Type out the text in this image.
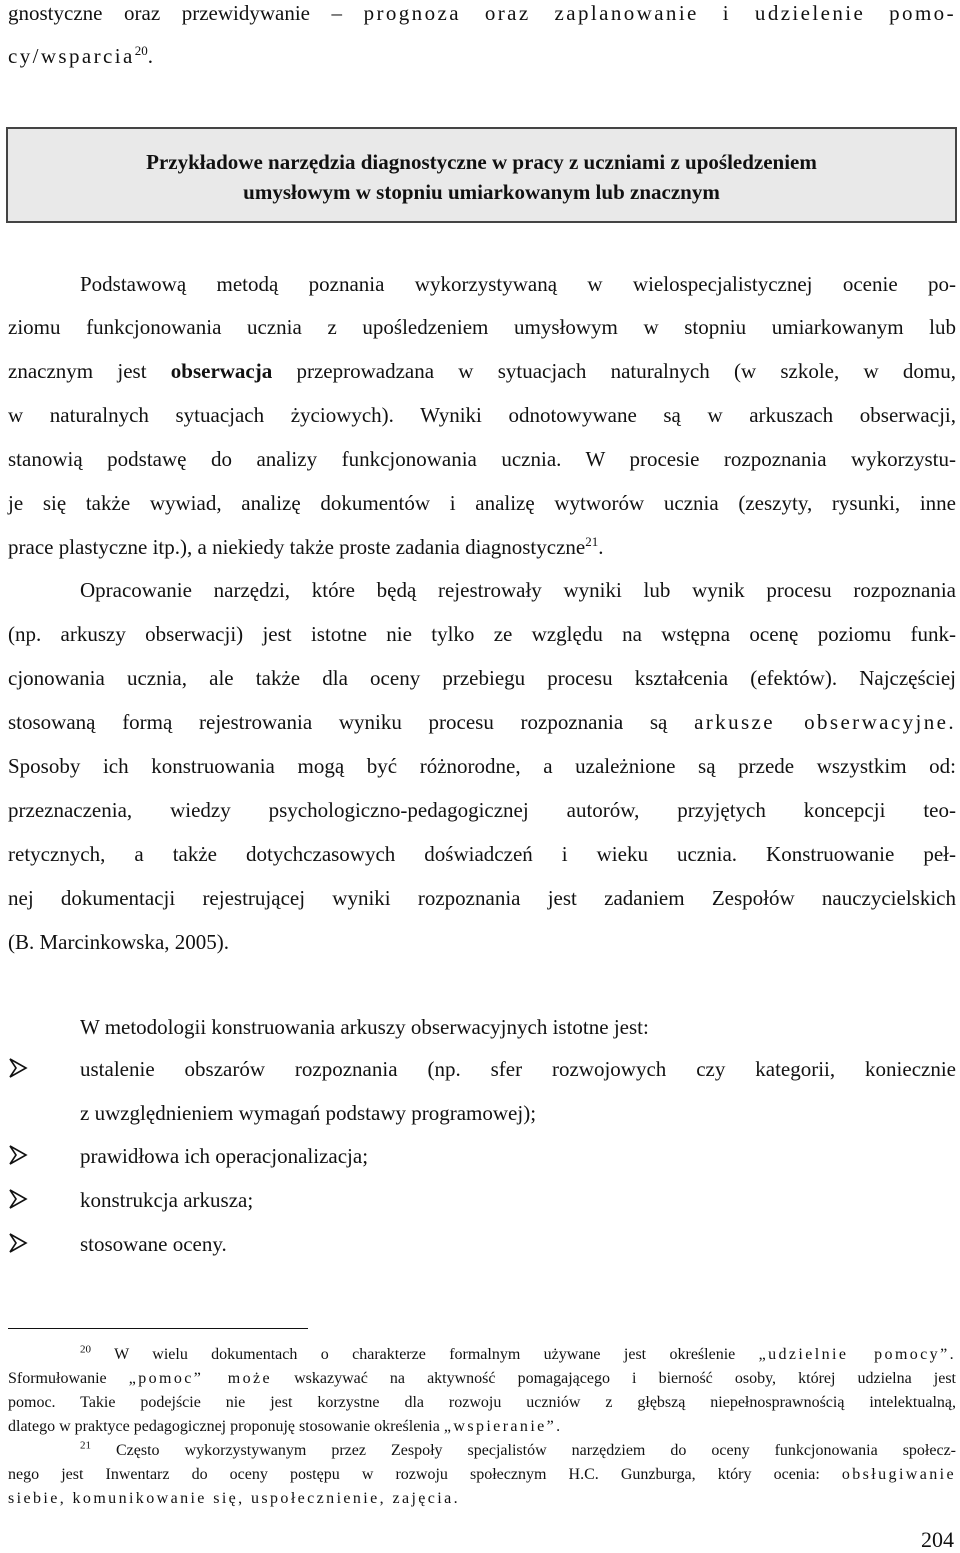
gnostyczne oraz przewidywanie – prognoza oraz zaplanowanie i udzielenie pomo-
cy/wsparcia$^{20}$.
Przykładowe narzędzia diagnostyczne w pracy z uczniami z upośledzeniem
umysłowym w stopniu umiarkowanym lub znacznym
Podstawową metodą poznania wykorzystywaną w wielospecjalistycznej ocenie po-
ziomu funkcjonowania ucznia z upośledzeniem umysłowym w stopniu umiarkowanym lub
znacznym jest obserwacja przeprowadzana w sytuacjach naturalnych (w szkole, w domu,
w naturalnych sytuacjach życiowych). Wyniki odnotowywane są w arkuszach obserwacji,
stanowią podstawę do analizy funkcjonowania ucznia. W procesie rozpoznania wykorzystu-
je się także wywiad, analizę dokumentów i analizę wytworów ucznia (zeszyty, rysunki, inne
prace plastyczne itp.), a niekiedy także proste zadania diagnostyczne$^{21}$.
Opracowanie narzędzi, które będą rejestrowały wyniki lub wynik procesu rozpoznania
(np. arkuszy obserwacji) jest istotne nie tylko ze względu na wstępna ocenę poziomu funk-
cjonowania ucznia, ale także dla oceny przebiegu procesu kształcenia (efektów). Najczęściej
stosowaną formą rejestrowania wyniku procesu rozpoznania są arkusze obserwacyjne.
Sposoby ich konstruowania mogą być różnorodne, a uzależnione są przede wszystkim od:
przeznaczenia, wiedzy psychologiczno-pedagogicznej autorów, przyjętych koncepcji teo-
retycznych, a także dotychczasowych doświadczeń i wieku ucznia. Konstruowanie peł-
nej dokumentacji rejestrującej wyniki rozpoznania jest zadaniem Zespołów nauczycielskich
(B. Marcinkowska, 2005).
W metodologii konstruowania arkuszy obserwacyjnych istotne jest:
ustalenie obszarów rozpoznania (np. sfer rozwojowych czy kategorii, koniecznie
z uwzględnieniem wymagań podstawy programowej);
prawidłowa ich operacjonalizacja;
konstrukcja arkusza;
stosowane oceny.
$^{20}$ W wielu dokumentach o charakterze formalnym używane jest określenie „udzielnie pomocy”.
Sformułowanie „pomoc” może wskazywać na aktywność pomagającego i bierność osoby, której udzielna jest
pomoc. Takie podejście nie jest korzystne dla rozwoju uczniów z głębszą niepełnosprawnością intelektualną,
dlatego w praktyce pedagogicznej proponuję stosowanie określenia „wspieranie”.
$^{21}$ Często wykorzystywanym przez Zespoły specjalistów narzędziem do oceny funkcjonowania społecz-
nego jest Inwentarz do oceny postępu w rozwoju społecznym H.C. Gunzburga, który ocenia: obsługiwanie
siebie, komunikowanie się, uspołecznienie, zajęcia.
204
